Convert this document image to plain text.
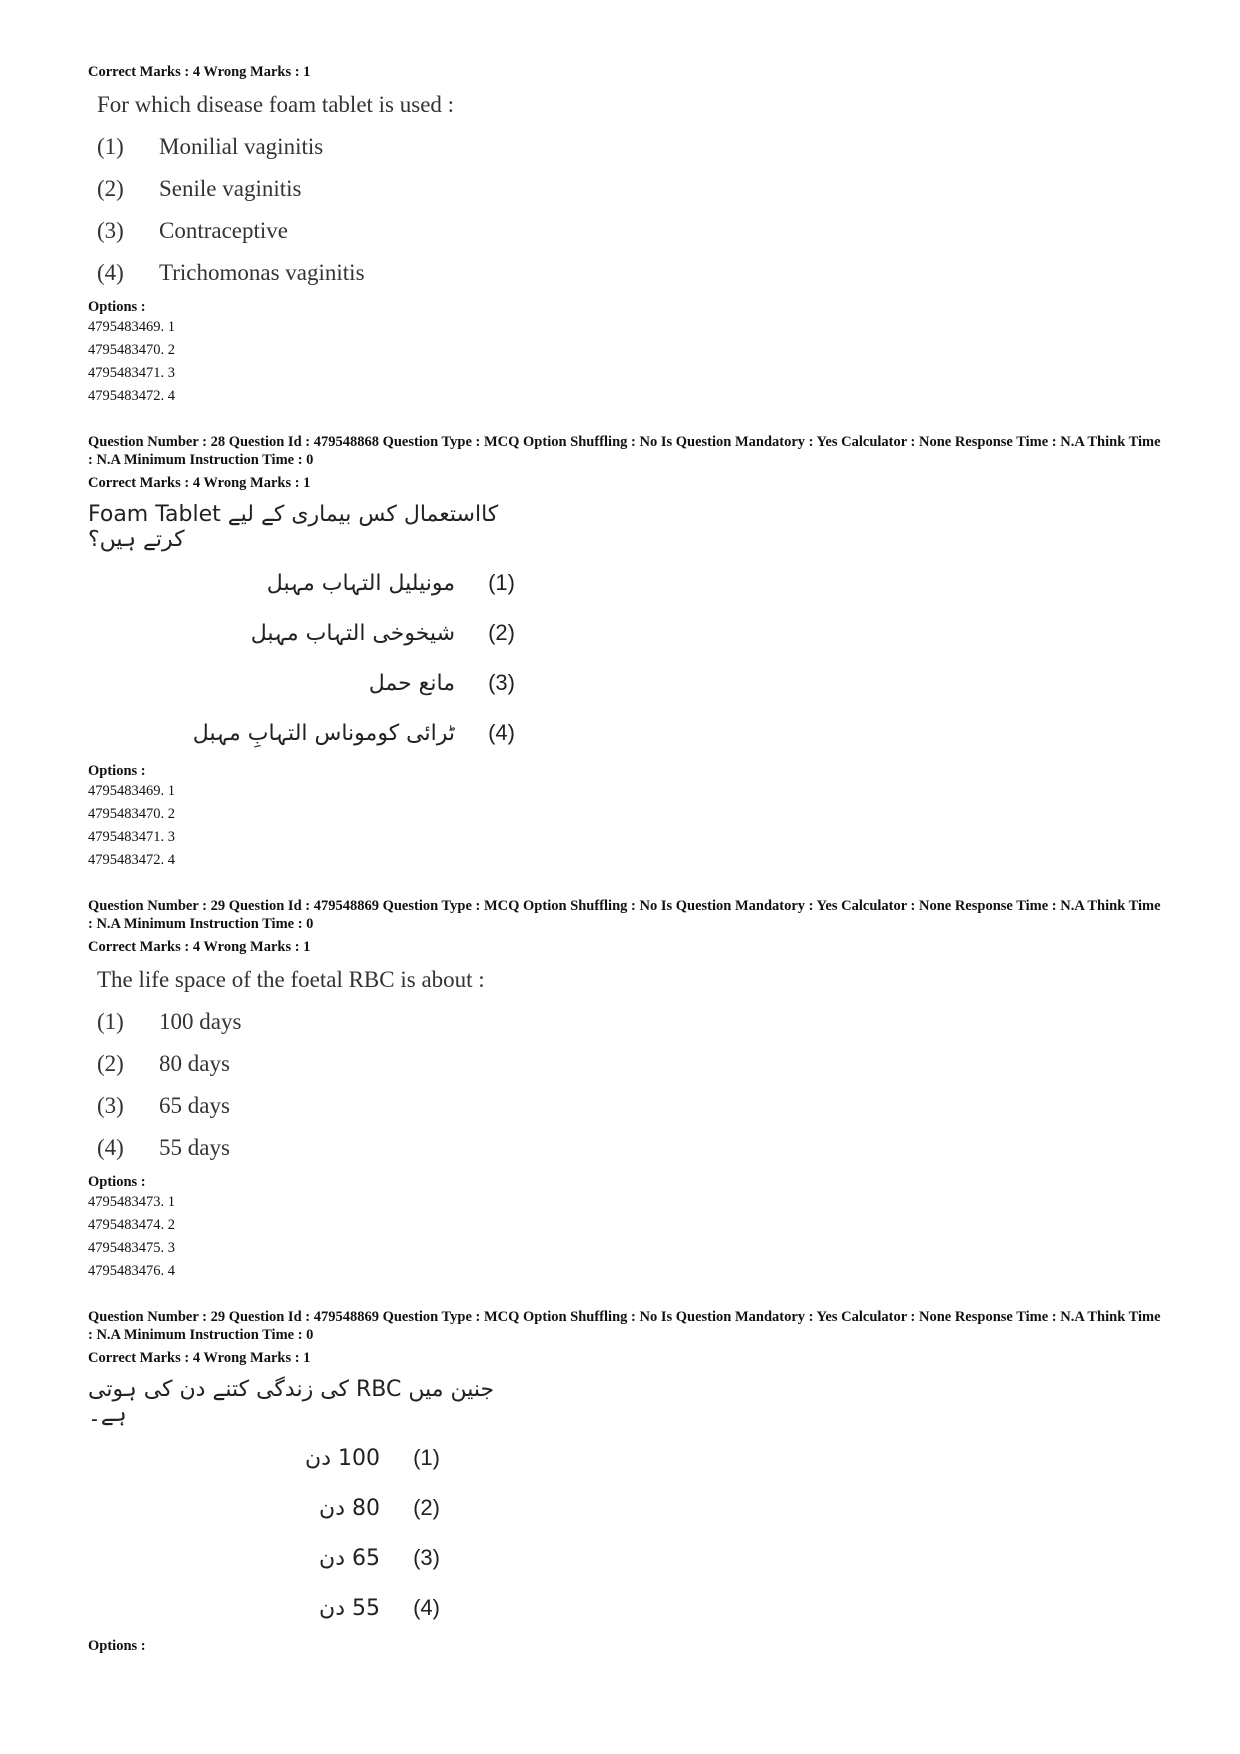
Correct Marks : 4 Wrong Marks : 1
For which disease foam tablet is used :
(1)	Monilial vaginitis
(2)	Senile vaginitis
(3)	Contraceptive
(4)	Trichomonas vaginitis
Options :
4795483469. 1
4795483470. 2
4795483471. 3
4795483472. 4
Question Number : 28 Question Id : 479548868 Question Type : MCQ Option Shuffling : No Is Question Mandatory : Yes Calculator : None Response Time : N.A Think Time : N.A Minimum Instruction Time : 0
Correct Marks : 4 Wrong Marks : 1
Foam Tablet کااستعمال کس بیماری کے لیے کرتے ہیں؟
مونیلیل التہاب مہبل (1)
شیخوخی التہاب مہبل (2)
مانع حمل (3)
ٹرائی کوموناس التہابِ مہبل (4)
Options :
4795483469. 1
4795483470. 2
4795483471. 3
4795483472. 4
Question Number : 29 Question Id : 479548869 Question Type : MCQ Option Shuffling : No Is Question Mandatory : Yes Calculator : None Response Time : N.A Think Time : N.A Minimum Instruction Time : 0
Correct Marks : 4 Wrong Marks : 1
The life space of the foetal RBC is about :
(1)	100 days
(2)	80 days
(3)	65 days
(4)	55 days
Options :
4795483473. 1
4795483474. 2
4795483475. 3
4795483476. 4
Question Number : 29 Question Id : 479548869 Question Type : MCQ Option Shuffling : No Is Question Mandatory : Yes Calculator : None Response Time : N.A Think Time : N.A Minimum Instruction Time : 0
Correct Marks : 4 Wrong Marks : 1
جنین میں RBC کی زندگی کتنے دن کی ہوتی ہے۔
100 دن (1)
80 دن (2)
65 دن (3)
55 دن (4)
Options :
